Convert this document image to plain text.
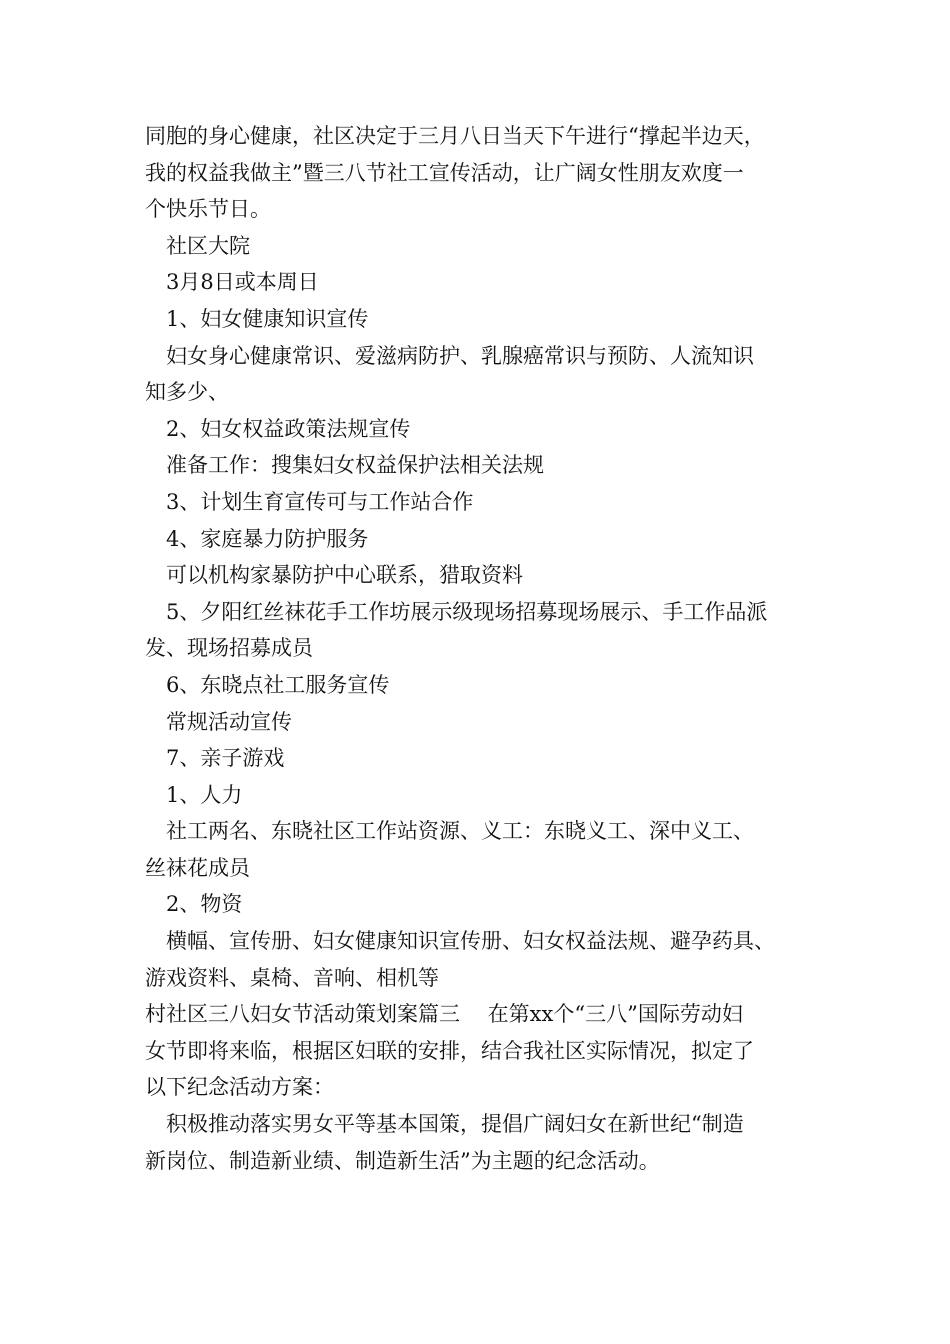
同胞的身心健康，社区决定于三月八日当天下午进行“撑起半边天，
我的权益我做主”暨三八节社工宣传活动，让广阔女性朋友欢度一
个快乐节日。
社区大院
3月8日或本周日
1、妇女健康知识宣传
妇女身心健康常识、爱滋病防护、乳腺癌常识与预防、人流知识
知多少、
2、妇女权益政策法规宣传
准备工作：搜集妇女权益保护法相关法规
3、计划生育宣传可与工作站合作
4、家庭暴力防护服务
可以机构家暴防护中心联系，猎取资料
5、夕阳红丝袜花手工作坊展示级现场招募现场展示、手工作品派
发、现场招募成员
6、东晓点社工服务宣传
常规活动宣传
7、亲子游戏
1、人力
社工两名、东晓社区工作站资源、义工：东晓义工、深中义工、
丝袜花成员
2、物资
横幅、宣传册、妇女健康知识宣传册、妇女权益法规、避孕药具、
游戏资料、桌椅、音响、相机等
村社区三八妇女节活动策划案篇三　 在第xx个“三八”国际劳动妇
女节即将来临，根据区妇联的安排，结合我社区实际情况，拟定了
以下纪念活动方案：
积极推动落实男女平等基本国策，提倡广阔妇女在新世纪“制造
新岗位、制造新业绩、制造新生活”为主题的纪念活动。
